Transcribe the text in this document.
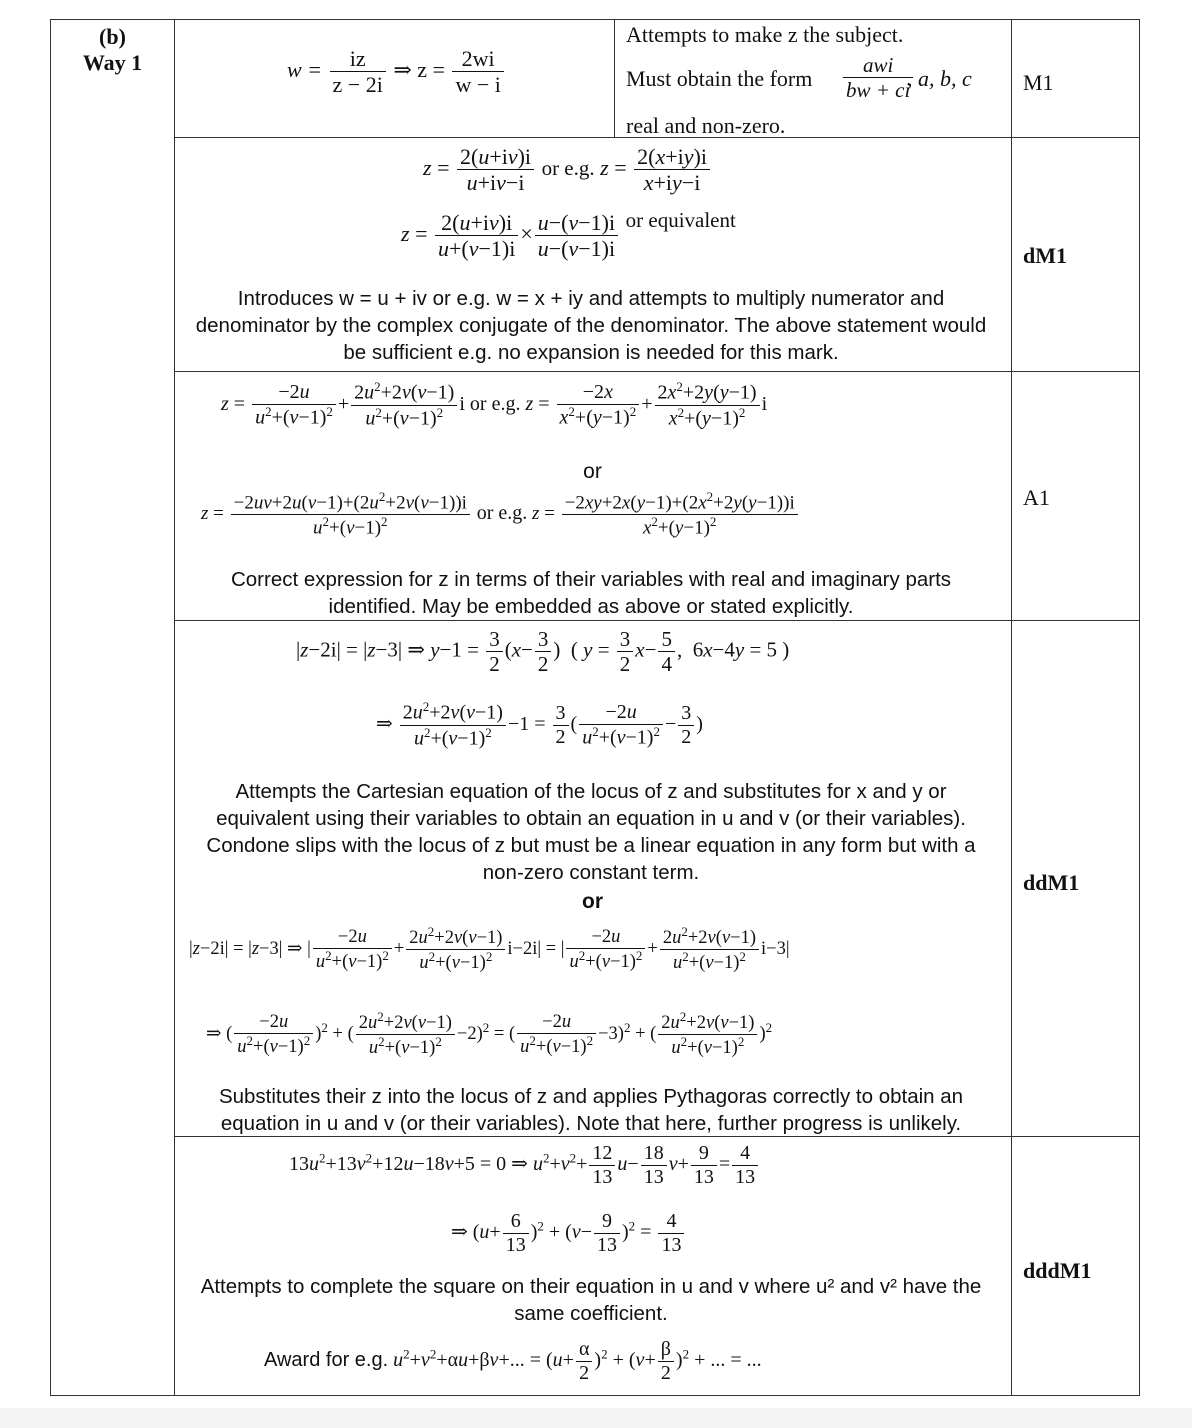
(b)
Way 1	$w = \frac{iz}{z - 2i}$ ⇒ $z = \frac{2wi}{w - i}$
Attempts to make z the subject.
Must obtain the form $\frac{\text{awi}}{bw + ci}$
, a, b, c
real and non-zero.
M1
$z = \frac{2(u+iv)i}{u+iv-i}$ or e.g. $z = \frac{2(x+iy)i}{x+iy-i}$
$z = \frac{2(u+iv)i}{u+(v-1)i} \times \frac{u-(v-1)i}{u-(v-1)i}$ or equivalent
Introduces w = u + iv or e.g. w = x + iy and attempts to multiply numerator and denominator by the complex conjugate of the denominator. The above statement would be sufficient e.g. no expansion is needed for this mark.
dM1
$z = \frac{-2u}{u^2+(v-1)^2} + \frac{2u^2+2v(v-1)}{u^2+(v-1)^2}$ i or e.g. $z = \frac{-2x}{x^2+(y-1)^2} + \frac{2x^2+2y(y-1)}{x^2+(y-1)^2}$ i
or
$z = \frac{-2uv+2u(v-1)+(2u^2+2v(v-1))i}{u^2+(v-1)^2}$ or e.g. $z = \frac{-2xy+2x(y-1)+(2x^2+2y(y-1))i}{x^2+(y-1)^2}$
Correct expression for z in terms of their variables with real and imaginary parts identified. May be embedded as above or stated explicitly.
A1
|z−2i| = |z−3| ⇒ $y-1 = \frac{3}{2} (x- \frac{3}{2}$ )  ( $y = \frac{3}{2} x- \frac{5}{4}$ ,  6x−4y = 5 )
⇒ $\frac{2u^2+2v(v-1)}{u^2+(v-1)^2} -1 = \frac{3}{2}$ ( $\frac{-2u}{u^2+(v-1)^2} - \frac{3}{2}$ )
Attempts the Cartesian equation of the locus of z and substitutes for x and y or equivalent using their variables to obtain an equation in u and v (or their variables). Condone slips with the locus of z but must be a linear equation in any form but with a non-zero constant term.
or
|z−2i| = |z−3| ⇒ | $\frac{-2u}{u^2+(v-1)^2} + \frac{2u^2+2v(v-1)}{u^2+(v-1)^2} i-2i|$ = | $\frac{-2u}{u^2+(v-1)^2} + \frac{2u^2+2v(v-1)}{u^2+(v-1)^2} i-3|$
⇒ ( $\frac{-2u}{u^2+(v-1)^2} )^2$ + ( $\frac{2u^2+2v(v-1)}{u^2+(v-1)^2} -2)^2$ = ( $\frac{-2u}{u^2+(v-1)^2} -3)^2$ + ( $\frac{2u^2+2v(v-1)}{u^2+(v-1)^2} )^2$
Substitutes their z into the locus of z and applies Pythagoras correctly to obtain an equation in u and v (or their variables). Note that here, further progress is unlikely.
ddM1
$13u^2+13v^2+12u-18v+5 = 0$ ⇒ $u^2+v^2+ \frac{12}{13} u- \frac{18}{13} v+ \frac{9}{13} = \frac{4}{13}$
⇒ $(u+ \frac{6}{13} )^2 + (v- \frac{9}{13} )^2 = \frac{4}{13}$
Attempts to complete the square on their equation in u and v where u² and v² have the same coefficient.
Award for e.g. $u^2+v^2+\alpha u+\beta v+$... = $(u+ \frac{\alpha}{2} )^2 + (v+ \frac{\beta}{2} )^2$ + ... = ...
dddM1
